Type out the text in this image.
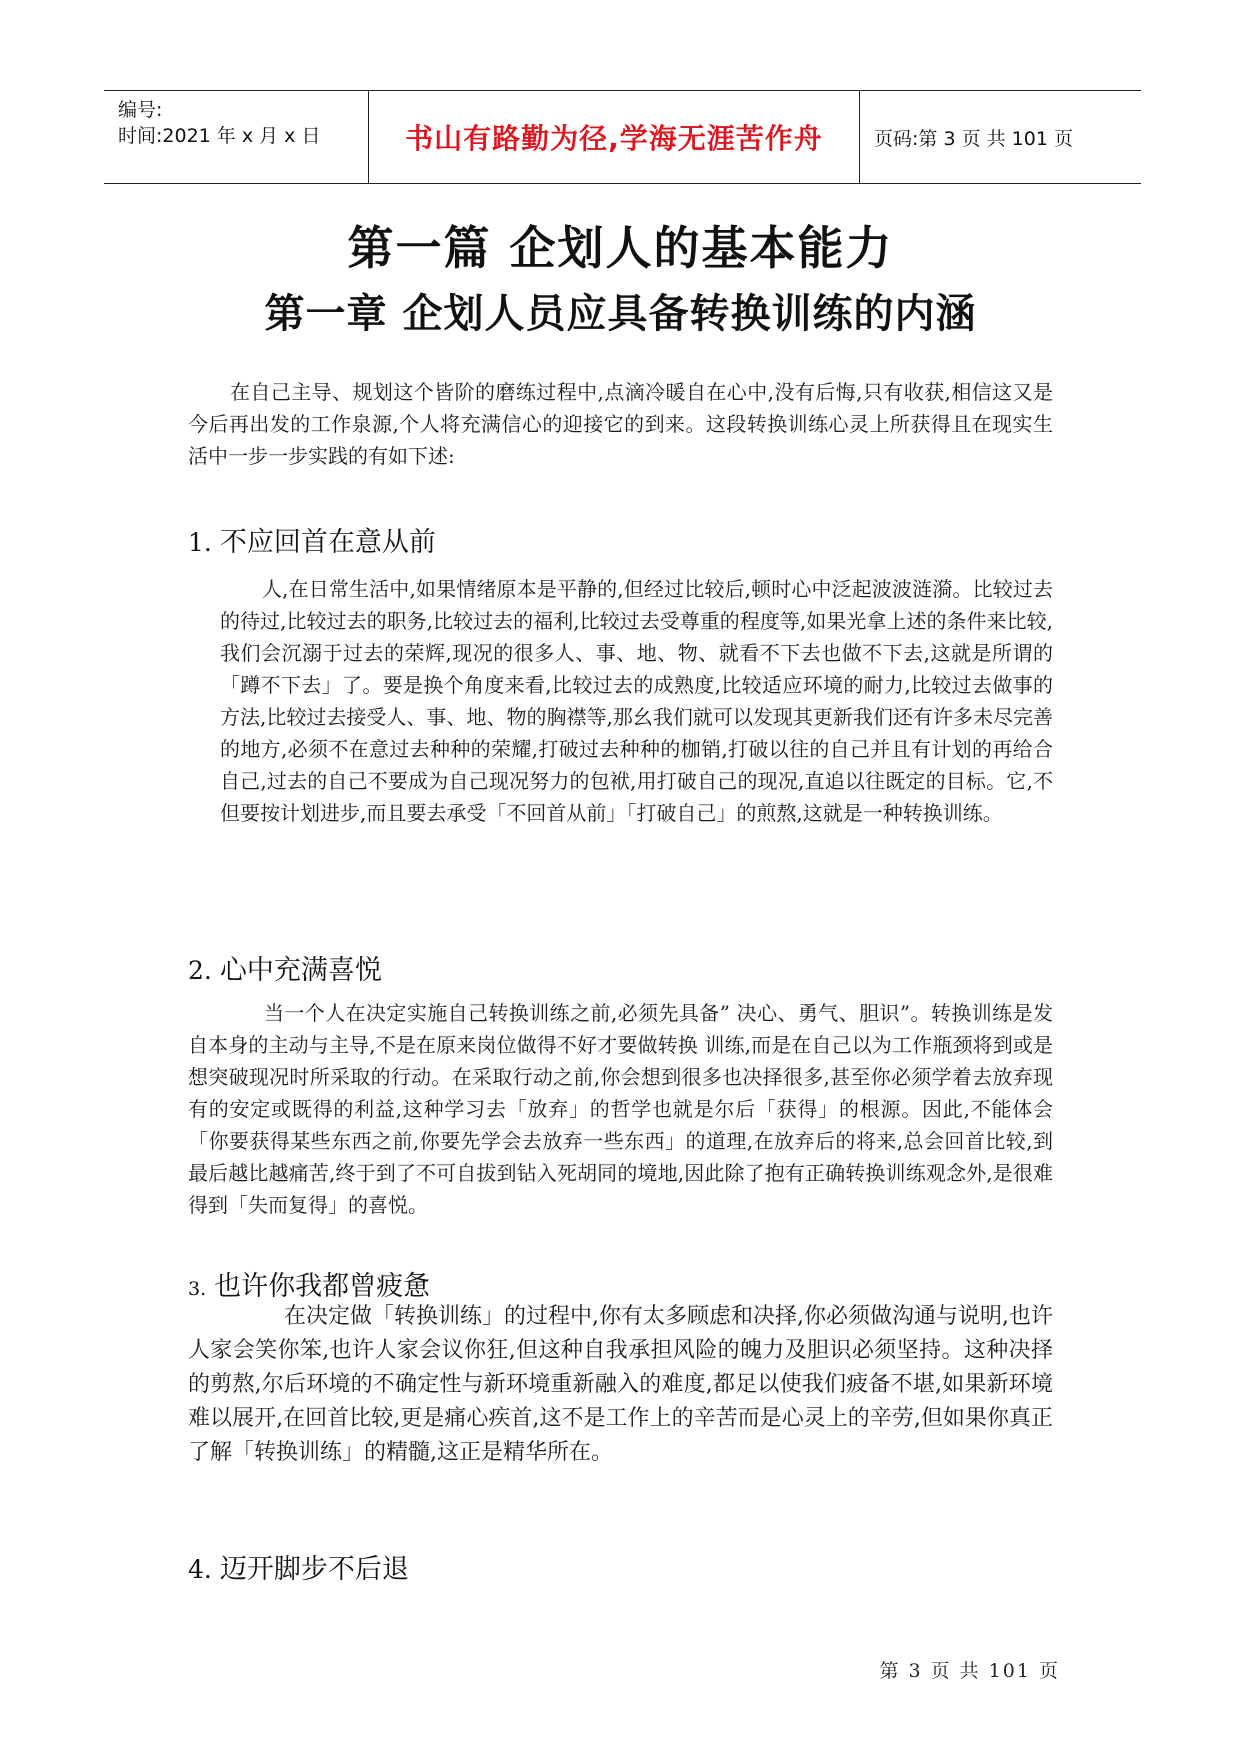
编号:
时间:2021 年 x 月 x 日	书山有路勤为径,学海无涯苦作舟	页码:第 3 页 共 101 页
第一篇 企划人的基本能力
第一章 企划人员应具备转换训练的内涵
在自己主导、规划这个皆阶的磨练过程中,点滴冷暖自在心中,没有后悔,只有收获,相信这又是今后再出发的工作泉源,个人将充满信心的迎接它的到来。这段转换训练心灵上所获得且在现实生活中一步一步实践的有如下述:
1. 不应回首在意从前
人,在日常生活中,如果情绪原本是平静的,但经过比较后,顿时心中泛起波波涟漪。比较过去的待过,比较过去的职务,比较过去的福利,比较过去受尊重的程度等,如果光拿上述的条件来比较,我们会沉溺于过去的荣辉,现况的很多人、事、地、物、就看不下去也做不下去,这就是所谓的「蹲不下去」了。要是换个角度来看,比较过去的成熟度,比较适应环境的耐力,比较过去做事的方法,比较过去接受人、事、地、物的胸襟等,那幺我们就可以发现其更新我们还有许多未尽完善的地方,必须不在意过去种种的荣耀,打破过去种种的枷销,打破以往的自己并且有计划的再给合自己,过去的自己不要成为自己现况努力的包袱,用打破自己的现况,直追以往既定的目标。它,不但要按计划进步,而且要去承受「不回首从前」「打破自己」的煎熬,这就是一种转换训练。
2. 心中充满喜悦
当一个人在决定实施自己转换训练之前,必须先具备” 决心、勇气、胆识”。转换训练是发自本身的主动与主导,不是在原来岗位做得不好才要做转换 训练,而是在自己以为工作瓶颈将到或是想突破现况时所采取的行动。在采取行动之前,你会想到很多也决择很多,甚至你必须学着去放弃现有的安定或既得的利益,这种学习去「放弃」的哲学也就是尔后「获得」的根源。因此,不能体会「你要获得某些东西之前,你要先学会去放弃一些东西」的道理,在放弃后的将来,总会回首比较,到最后越比越痛苦,终于到了不可自拔到钻入死胡同的境地,因此除了抱有正确转换训练观念外,是很难得到「失而复得」的喜悦。
3. 也许你我都曾疲惫
在决定做「转换训练」的过程中,你有太多顾虑和决择,你必须做沟通与说明,也许人家会笑你笨,也许人家会议你狂,但这种自我承担风险的魄力及胆识必须坚持。这种决择的剪熬,尔后环境的不确定性与新环境重新融入的难度,都足以使我们疲备不堪,如果新环境难以展开,在回首比较,更是痛心疾首,这不是工作上的辛苦而是心灵上的辛劳,但如果你真正了解「转换训练」的精髓,这正是精华所在。
4. 迈开脚步不后退
第 3 页 共 101 页
